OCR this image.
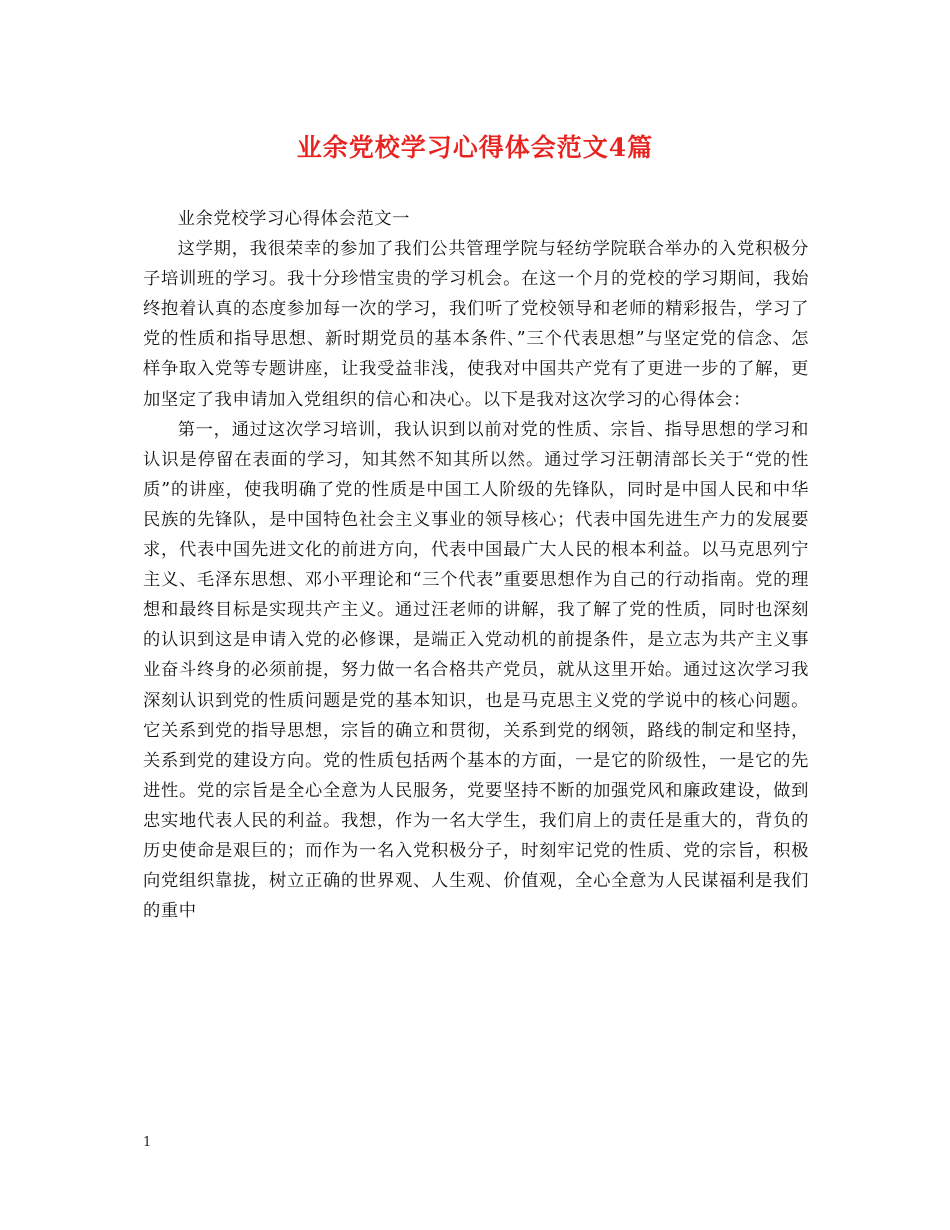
业余党校学习心得体会范文4篇

业余党校学习心得体会范文一

这学期，我很荣幸的参加了我们公共管理学院与轻纺学院联合举办的入党积极分子培训班的学习。我十分珍惜宝贵的学习机会。在这一个月的党校的学习期间，我始终抱着认真的态度参加每一次的学习，我们听了党校领导和老师的精彩报告，学习了党的性质和指导思想、新时期党员的基本条件、”三个代表思想”与坚定党的信念、怎样争取入党等专题讲座，让我受益非浅，使我对中国共产党有了更进一步的了解，更加坚定了我申请加入党组织的信心和决心。以下是我对这次学习的心得体会：

第一，通过这次学习培训，我认识到以前对党的性质、宗旨、指导思想的学习和认识是停留在表面的学习，知其然不知其所以然。通过学习汪朝清部长关于“党的性质”的讲座，使我明确了党的性质是中国工人阶级的先锋队，同时是中国人民和中华民族的先锋队，是中国特色社会主义事业的领导核心；代表中国先进生产力的发展要求，代表中国先进文化的前进方向，代表中国最广大人民的根本利益。以马克思列宁主义、毛泽东思想、邓小平理论和“三个代表”重要思想作为自己的行动指南。党的理想和最终目标是实现共产主义。通过汪老师的讲解，我了解了党的性质，同时也深刻的认识到这是申请入党的必修课，是端正入党动机的前提条件，是立志为共产主义事业奋斗终身的必须前提，努力做一名合格共产党员，就从这里开始。通过这次学习我深刻认识到党的性质问题是党的基本知识，也是马克思主义党的学说中的核心问题。它关系到党的指导思想，宗旨的确立和贯彻，关系到党的纲领，路线的制定和坚持，关系到党的建设方向。党的性质包括两个基本的方面，一是它的阶级性，一是它的先进性。党的宗旨是全心全意为人民服务，党要坚持不断的加强党风和廉政建设，做到忠实地代表人民的利益。我想，作为一名大学生，我们肩上的责任是重大的，背负的历史使命是艰巨的；而作为一名入党积极分子，时刻牢记党的性质、党的宗旨，积极向党组织靠拢，树立正确的世界观、人生观、价值观，全心全意为人民谋福利是我们的重中

1
